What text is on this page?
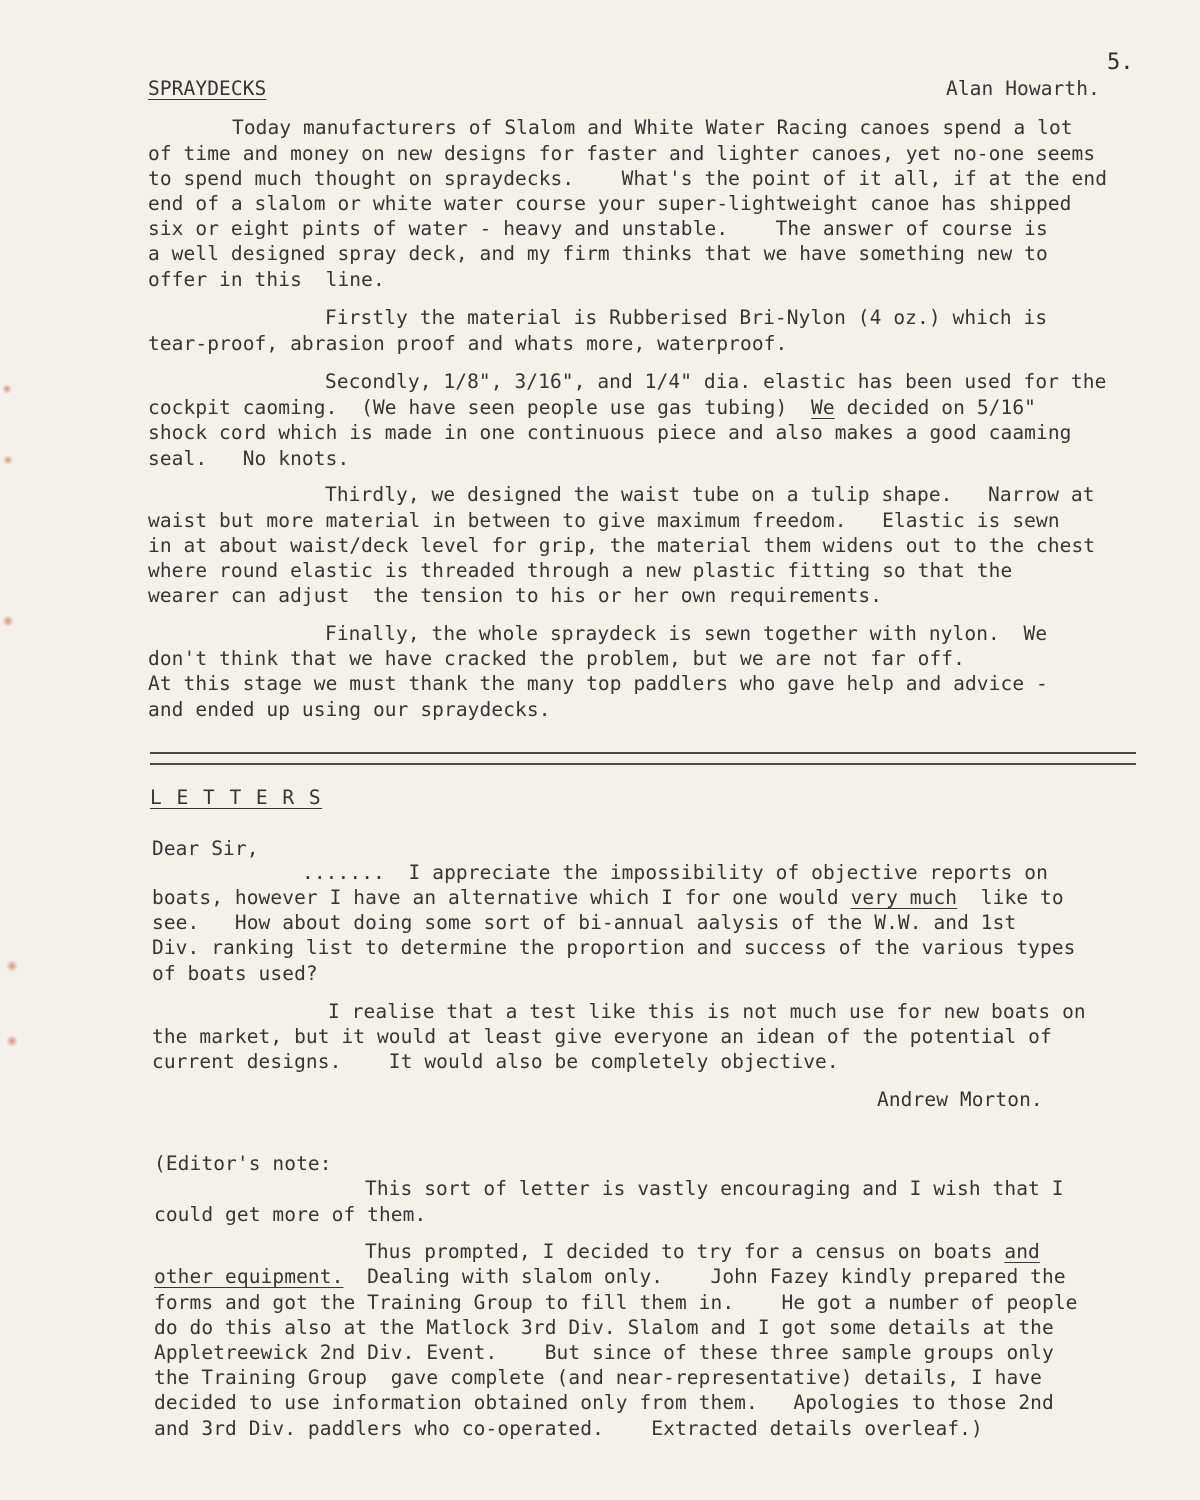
5.
SPRAYDECKS	Alan Howarth.
Today manufacturers of Slalom and White Water Racing canoes spend a lot
of time and money on new designs for faster and lighter canoes, yet no-one seems
to spend much thought on spraydecks.    What's the point of it all, if at the end
end of a slalom or white water course your super-lightweight canoe has shipped
six or eight pints of water - heavy and unstable.    The answer of course is
a well designed spray deck, and my firm thinks that we have something new to
offer in this  line.
Firstly the material is Rubberised Bri-Nylon (4 oz.) which is
tear-proof, abrasion proof and whats more, waterproof.
Secondly, 1/8", 3/16", and 1/4" dia. elastic has been used for the
cockpit caoming.  (We have seen people use gas tubing)  We decided on 5/16"
shock cord which is made in one continuous piece and also makes a good caaming
seal.   No knots.
Thirdly, we designed the waist tube on a tulip shape.   Narrow at
waist but more material in between to give maximum freedom.   Elastic is sewn
in at about waist/deck level for grip, the material them widens out to the chest
where round elastic is threaded through a new plastic fitting so that the
wearer can adjust  the tension to his or her own requirements.
Finally, the whole spraydeck is sewn together with nylon.  We
don't think that we have cracked the problem, but we are not far off.
At this stage we must thank the many top paddlers who gave help and advice -
and ended up using our spraydecks.
L E T T E R S
Dear Sir,
.......  I appreciate the impossibility of objective reports on
boats, however I have an alternative which I for one would very much  like to
see.   How about doing some sort of bi-annual aalysis of the W.W. and 1st
Div. ranking list to determine the proportion and success of the various types
of boats used?
I realise that a test like this is not much use for new boats on
the market, but it would at least give everyone an idean of the potential of
current designs.    It would also be completely objective.
Andrew Morton.
(Editor's note:
This sort of letter is vastly encouraging and I wish that I
could get more of them.
Thus prompted, I decided to try for a census on boats and
other equipment.  Dealing with slalom only.    John Fazey kindly prepared the
forms and got the Training Group to fill them in.    He got a number of people
do do this also at the Matlock 3rd Div. Slalom and I got some details at the
Appletreewick 2nd Div. Event.    But since of these three sample groups only
the Training Group  gave complete (and near-representative) details, I have
decided to use information obtained only from them.   Apologies to those 2nd
and 3rd Div. paddlers who co-operated.    Extracted details overleaf.)
